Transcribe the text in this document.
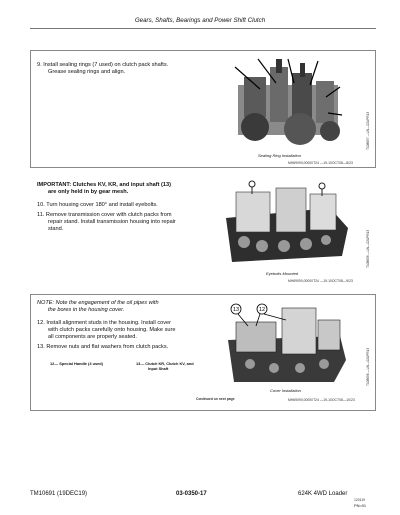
Gears, Shafts, Bearings and Power Shift Clutch
9. Install sealing rings (7 used) on clutch pack shafts.
Grease sealing rings and align.
T108657 —UN—02APR13
Sealing Ring Installation
MH69090,00000T24 —19‐10OCT08—8/23
IMPORTANT: Clutches KV, KR, and input shaft (13)
are only held in by gear mesh.
10. Turn housing cover 180° and install eyebolts.
11. Remove transmission cover with clutch packs from
repair stand. Install transmission housing into repair
stand.
T108658 —UN—02APR13
Eyebolts Mounted
MH69090,00000T24 —19‐10OCT08—9/23
NOTE: Note the engagement of the oil pipes with
the bores in the housing cover.
12. Install alignment studs in the housing. Install cover
with clutch packs carefully onto housing. Make sure
all components are properly seated.
13. Remove nuts and flat washers from clutch packs.
12— Special Handle (4 used)	13— Clutch KR, Clutch KV, and
Input Shaft
Continued on next page
13	12
T108656 —UN—02APR13
Cover Installation
MH69090,00000T24 —19‐10OCT08—10/23
TM10691 (19DEC19)	03-0350-17	624K 4WD Loader
120119
PN=91
